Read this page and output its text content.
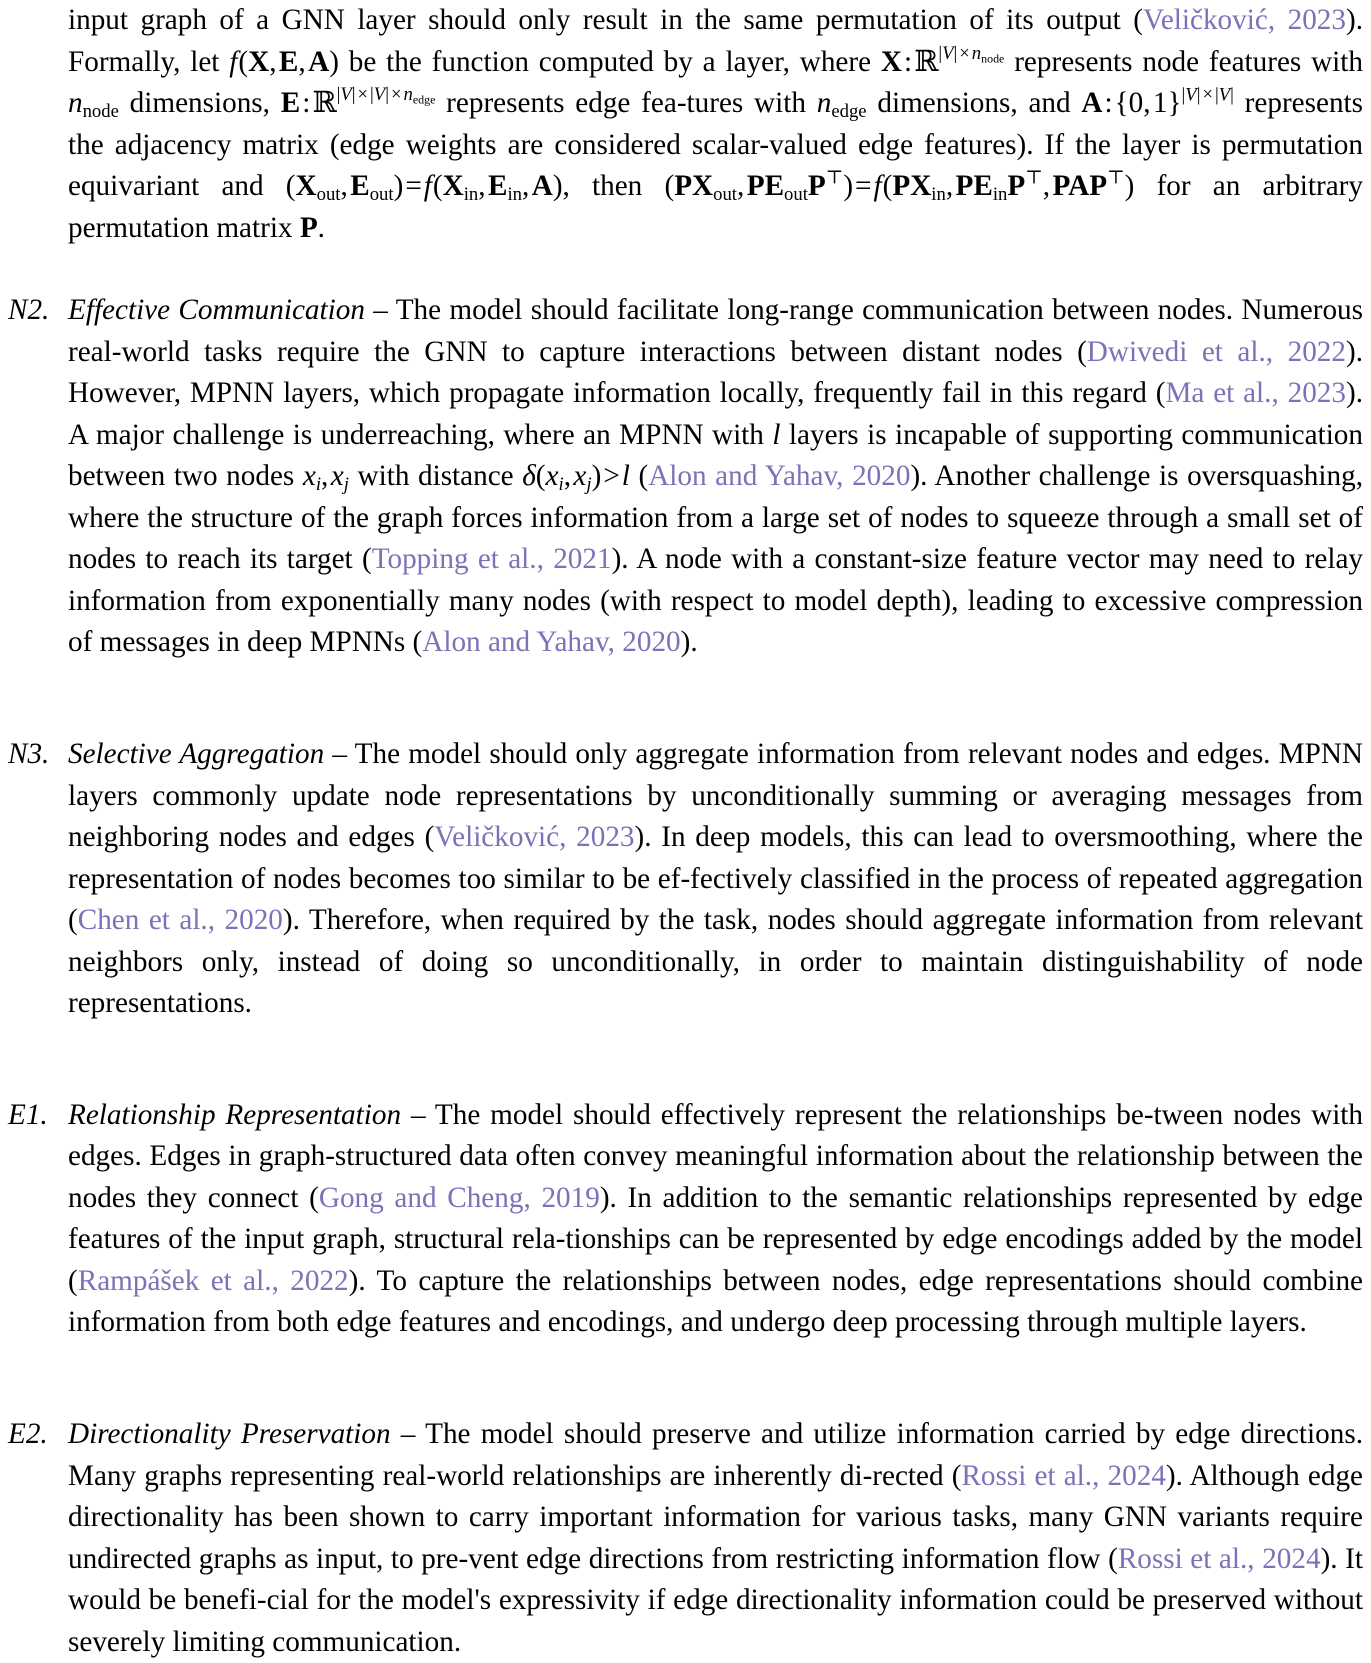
input graph of a GNN layer should only result in the same permutation of its output (Veličković, 2023). Formally, let f(X, E, A) be the function computed by a layer, where X:ℝ$^{|V| \times n_{node}}$ represents node features with $n_{node}$ dimensions, E:ℝ$^{|V| \times |V| \times n_{edge}}$ represents edge fea-tures with $n_{edge}$ dimensions, and A:{0, 1}$^{|V| \times |V|}$ represents the adjacency matrix (edge weights are considered scalar-valued edge features). If the layer is permutation equivariant and ($X_{out}$, $E_{out})=f(X_{in}$, $E_{in}$, A), then ($PX_{out}$, $PE_{out}P^⊤)=f(PX_{in}$, $PE_{in}P^⊤$, PAP⊤) for an arbitrary permutation matrix P.

N2. Effective Communication – The model should facilitate long-range communication between nodes. Numerous real-world tasks require the GNN to capture interactions between distant nodes (Dwivedi et al., 2022). However, MPNN layers, which propagate information locally, frequently fail in this regard (Ma et al., 2023). A major challenge is underreaching, where an MPNN with l layers is incapable of supporting communication between two nodes $x_i$, $x_j$ with distance $\delta(x_i$, $x_j)>l$ (Alon and Yahav, 2020). Another challenge is oversquashing, where the structure of the graph forces information from a large set of nodes to squeeze through a small set of nodes to reach its target (Topping et al., 2021). A node with a constant-size feature vector may need to relay information from exponentially many nodes (with respect to model depth), leading to excessive compression of messages in deep MPNNs (Alon and Yahav, 2020).

N3. Selective Aggregation – The model should only aggregate information from relevant nodes and edges. MPNN layers commonly update node representations by unconditionally summing or averaging messages from neighboring nodes and edges (Veličković, 2023). In deep models, this can lead to oversmoothing, where the representation of nodes becomes too similar to be ef-fectively classified in the process of repeated aggregation (Chen et al., 2020). Therefore, when required by the task, nodes should aggregate information from relevant neighbors only, instead of doing so unconditionally, in order to maintain distinguishability of node representations.

E1. Relationship Representation – The model should effectively represent the relationships be-tween nodes with edges. Edges in graph-structured data often convey meaningful information about the relationship between the nodes they connect (Gong and Cheng, 2019). In addition to the semantic relationships represented by edge features of the input graph, structural rela-tionships can be represented by edge encodings added by the model (Rampášek et al., 2022). To capture the relationships between nodes, edge representations should combine information from both edge features and encodings, and undergo deep processing through multiple layers.

E2. Directionality Preservation – The model should preserve and utilize information carried by edge directions. Many graphs representing real-world relationships are inherently di-rected (Rossi et al., 2024). Although edge directionality has been shown to carry important information for various tasks, many GNN variants require undirected graphs as input, to pre-vent edge directions from restricting information flow (Rossi et al., 2024). It would be benefi-cial for the model's expressivity if edge directionality information could be preserved without severely limiting communication.
